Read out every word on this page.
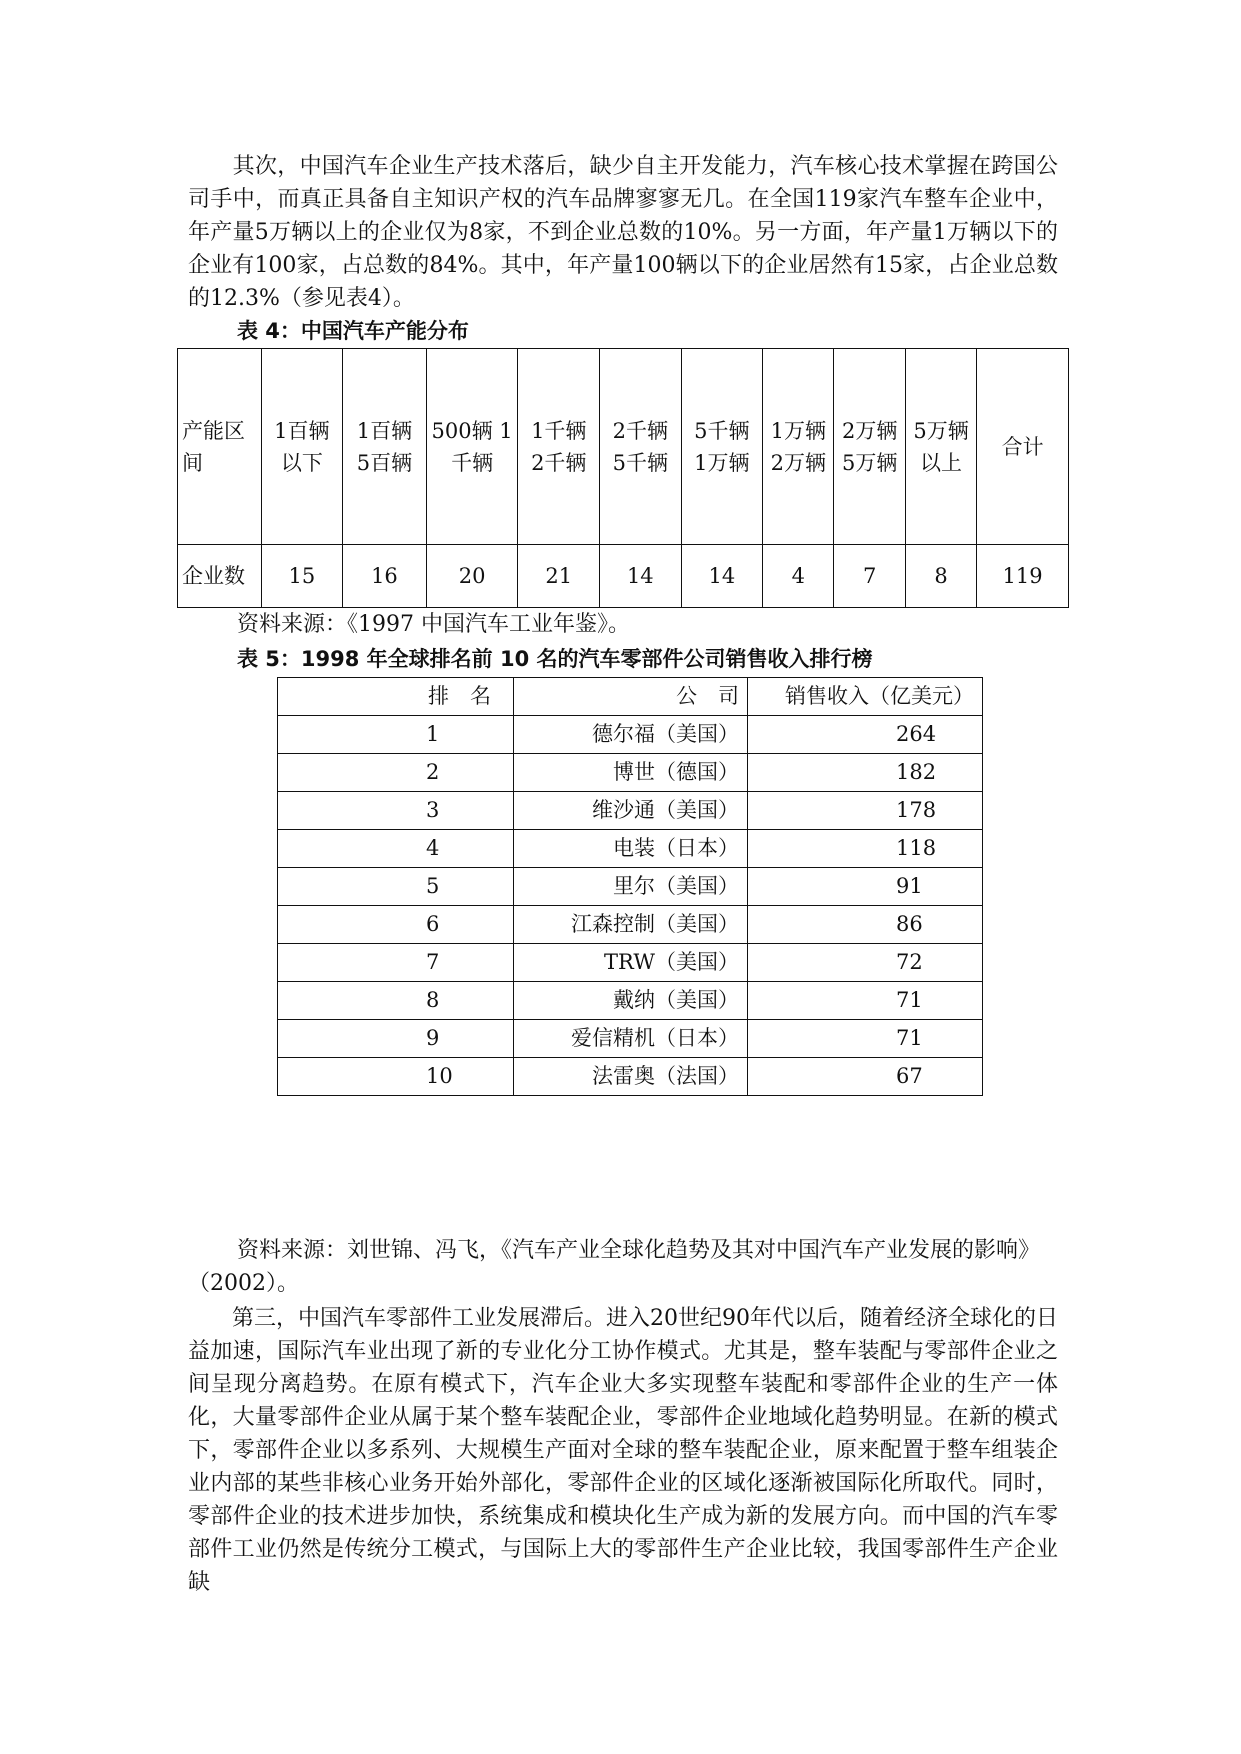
　　其次，中国汽车企业生产技术落后，缺少自主开发能力，汽车核心技术掌握在跨国公司手中，而真正具备自主知识产权的汽车品牌寥寥无几。在全国119家汽车整车企业中，年产量5万辆以上的企业仅为8家，不到企业总数的10%。另一方面，年产量1万辆以下的企业有100家，占总数的84%。其中，年产量100辆以下的企业居然有15家，占企业总数的12.3%（参见表4）。

表 4：中国汽车产能分布
产能区间	1百辆以下	1百辆 5百辆	500辆 1千辆	1千辆 2千辆	2千辆 5千辆	5千辆 1万辆	1万辆 2万辆	2万辆 5万辆	5万辆 以上	合计
企业数	15	16	20	21	14	14	4	7	8	119
资料来源：《1997 中国汽车工业年鉴》。
表 5：1998 年全球排名前 10 名的汽车零部件公司销售收入排行榜
排　名	公　司	销售收入（亿美元）
1	德尔福（美国）	264
2	博世（德国）	182
3	维沙通（美国）	178
4	电装（日本）	118
5	里尔（美国）	91
6	江森控制（美国）	86
7	TRW（美国）	72
8	戴纳（美国）	71
9	爱信精机（日本）	71
10	法雷奥（法国）	67
资料来源：刘世锦、冯飞，《汽车产业全球化趋势及其对中国汽车产业发展的影响》（2002）。

　　第三，中国汽车零部件工业发展滞后。进入20世纪90年代以后，随着经济全球化的日益加速，国际汽车业出现了新的专业化分工协作模式。尤其是，整车装配与零部件企业之间呈现分离趋势。在原有模式下，汽车企业大多实现整车装配和零部件企业的生产一体化，大量零部件企业从属于某个整车装配企业，零部件企业地域化趋势明显。在新的模式下，零部件企业以多系列、大规模生产面对全球的整车装配企业，原来配置于整车组装企业内部的某些非核心业务开始外部化，零部件企业的区域化逐渐被国际化所取代。同时，零部件企业的技术进步加快，系统集成和模块化生产成为新的发展方向。而中国的汽车零部件工业仍然是传统分工模式，与国际上大的零部件生产企业比较，我国零部件生产企业缺
